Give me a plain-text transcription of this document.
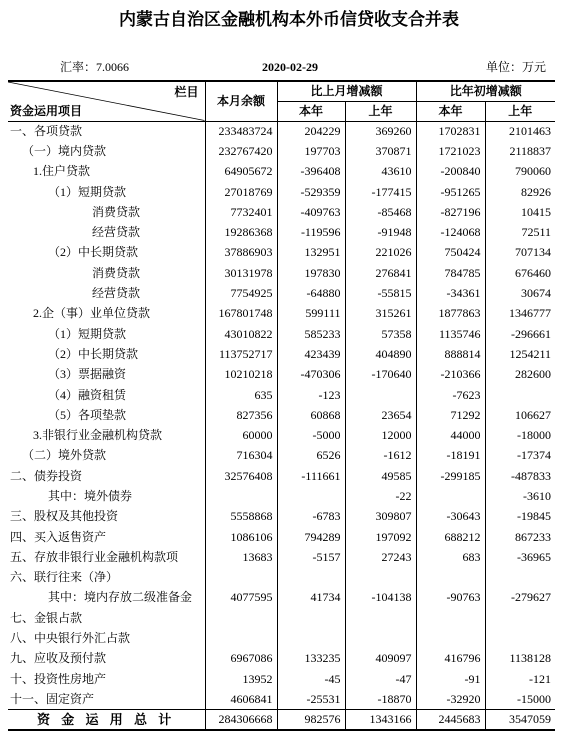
内蒙古自治区金融机构本外币信贷收支合并表
汇率：7.0066	2020-02-29	单位：万元
栏目
资金运用项目	本月余额	比上月增减额		比年初增减额	
		本年	上年	本年	上年
一、各项贷款	233483724	204229	369260	1702831	2101463
（一）境内贷款	232767420	197703	370871	1721023	2118837
1.住户贷款	64905672	-396408	43610	-200840	790060
（1）短期贷款	27018769	-529359	-177415	-951265	82926
消费贷款	7732401	-409763	-85468	-827196	10415
经营贷款	19286368	-119596	-91948	-124068	72511
（2）中长期贷款	37886903	132951	221026	750424	707134
消费贷款	30131978	197830	276841	784785	676460
经营贷款	7754925	-64880	-55815	-34361	30674
2.企（事）业单位贷款	167801748	599111	315261	1877863	1346777
（1）短期贷款	43010822	585233	57358	1135746	-296661
（2）中长期贷款	113752717	423439	404890	888814	1254211
（3）票据融资	10210218	-470306	-170640	-210366	282600
（4）融资租赁	635	-123		-7623	
（5）各项垫款	827356	60868	23654	71292	106627
3.非银行业金融机构贷款	60000	-5000	12000	44000	-18000
（二）境外贷款	716304	6526	-1612	-18191	-17374
二、债券投资	32576408	-111661	49585	-299185	-487833
其中：境外债券			-22		-3610
三、股权及其他投资	5558868	-6783	309807	-30643	-19845
四、买入返售资产	1086106	794289	197092	688212	867233
五、存放非银行业金融机构款项	13683	-5157	27243	683	-36965
六、联行往来（净）					
其中：境内存放二级准备金	4077595	41734	-104138	-90763	-279627
七、金银占款					
八、中央银行外汇占款					
九、应收及预付款	6967086	133235	409097	416796	1138128
十、投资性房地产	13952	-45	-47	-91	-121
十一、固定资产	4606841	-25531	-18870	-32920	-15000
资 金 运 用 总 计	284306668	982576	1343166	2445683	3547059
